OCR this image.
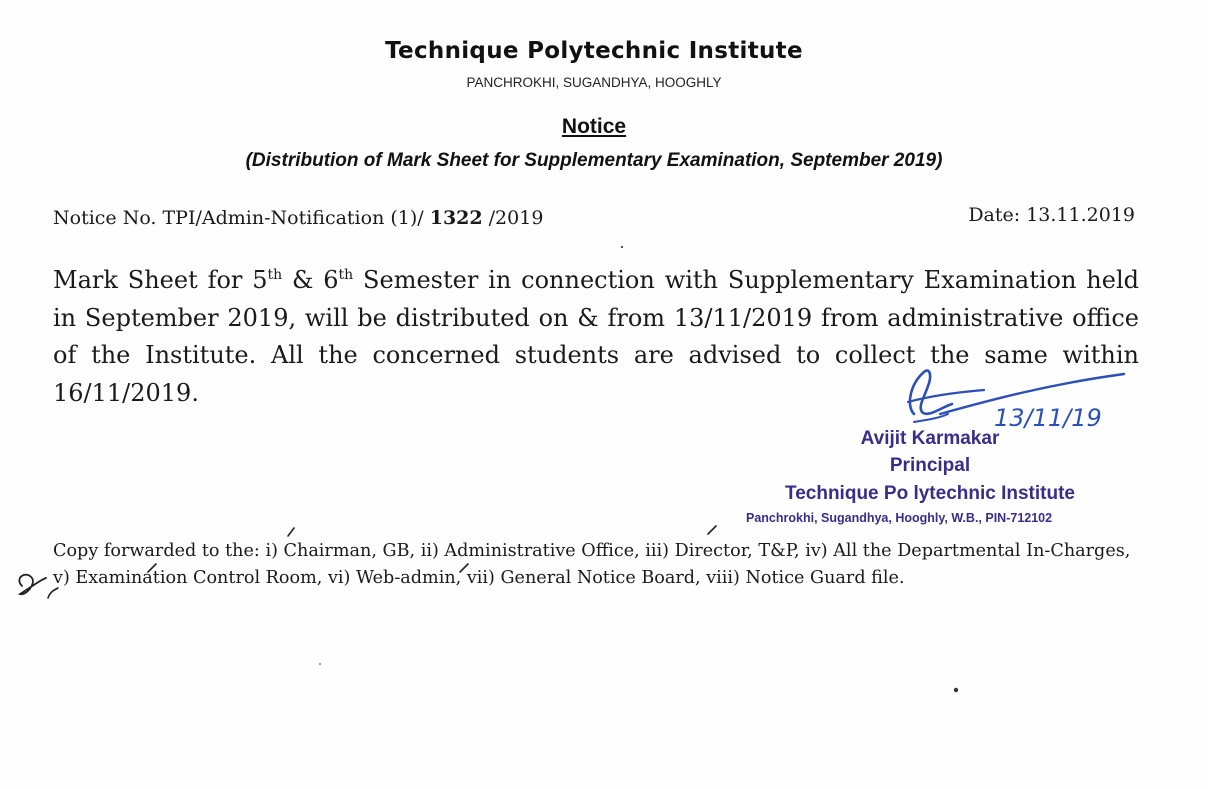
Technique Polytechnic Institute
PANCHROKHI, SUGANDHYA, HOOGHLY
Notice
(Distribution of Mark Sheet for Supplementary Examination, September 2019)
Notice No. TPI/Admin-Notification (1)/ 1322 /2019	Date: 13.11.2019
Mark Sheet for 5th & 6th Semester in connection with Supplementary Examination held in September 2019, will be distributed on & from 13/11/2019 from administrative office of the Institute. All the concerned students are advised to collect the same within 16/11/2019.
13/11/19
Avijit Karmakar
Principal
Technique Po lytechnic Institute
Panchrokhi, Sugandhya, Hooghly, W.B., PIN-712102
Copy forwarded to the: i) Chairman, GB, ii) Administrative Office, iii) Director, T&P, iv) All the Departmental In-Charges, v) Examination Control Room, vi) Web-admin, vii) General Notice Board, viii) Notice Guard file.
